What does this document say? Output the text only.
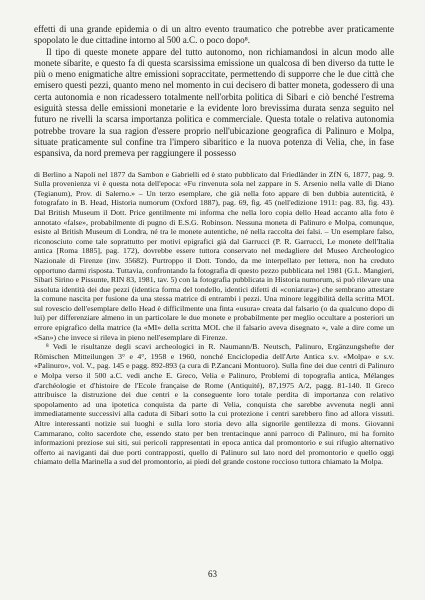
effetti di una grande epidemia o di un altro evento traumatico che potrebbe aver praticamente spopolato le due cittadine intorno al 500 a.C. o poco dopo⁸.

Il tipo di queste monete appare del tutto autonomo, non richiamandosi in alcun modo alle monete sibarite, e questo fa di questa scarsissima emissione un qualcosa di ben diverso da tutte le più o meno enigmatiche altre emissioni sopraccitate, permettendo di supporre che le due città che emisero questi pezzi, quanto meno nel momento in cui decisero di batter moneta, godessero di una certa autonomia e non ricadessero totalmente nell'orbita politica di Sibari e ciò benché l'estrema esiguità stessa delle emissioni monetarie e la evidente loro brevissima durata senza seguito nel futuro ne rivelli la scarsa importanza politica e commerciale. Questa totale o relativa autonomia potrebbe trovare la sua ragion d'essere proprio nell'ubicazione geografica di Palinuro e Molpa, situate praticamente sul confine tra l'impero sibaritico e la nuova potenza di Velia, che, in fase espansiva, da nord premeva per raggiungere il possesso

di Berlino a Napoli nel 1877 da Sambon e Gabrielli ed è stato pubblicato dal Friedländer in ZfN 6, 1877, pag. 9. Sulla provenienza vi è questa nota dell'epoca: «Fu rinvenuta sola nel zappare in S. Arsenio nella valle di Diano (Tegianum), Prov. di Salerno.» – Un terzo esemplare, che già nella foto appare di ben dubbia autenticità, è fotografato in B. Head, Historia numorum (Oxford 1887), pag. 69, fig. 45 (nell'edizione 1911: pag. 83, fig. 43). Dal British Museum il Dott. Price gentilmente mi informa che nella loro copia dello Head accanto alla foto è annotato «false», probabilmente di pugno di E.S.G. Robinson. Nessuna moneta di Palinuro e Molpa, comunque, esiste al British Museum di Londra, né tra le monete autentiche, né nella raccolta dei falsi. – Un esemplare falso, riconosciuto come tale soprattutto per motivi epigrafici già dal Garrucci (P. R. Garrucci, Le monete dell'Italia antica [Roma 1885], pag. 172), dovrebbe essere tuttora conservato nel medagliere del Museo Archeologico Nazionale di Firenze (inv. 35682). Purtroppo il Dott. Tondo, da me interpellato per lettera, non ha creduto opportuno darmi risposta. Tuttavia, confrontando la fotografia di questo pezzo pubblicata nel 1981 (G.L. Mangieri, Sibari Sirino e Pissunte, RIN 83, 1981, tav. 5) con la fotografia pubblicata in Historia numorum, si può rilevare una assoluta identità dei due pezzi (identica forma del tondello, identici difetti di «coniatura») che sembrano attestare la comune nascita per fusione da una stessa matrice di entrambi i pezzi. Una minore leggibilità della scritta MOL sul rovescio dell'esemplare dello Head è difficilmente una finta «usura» creata dal falsario (o da qualcuno dopo di lui) per differenziare almeno in un particolare le due monete e probabilmente per meglio occultare a posteriori un errore epigrafico della matrice (la «ΜΙ» della scritta MOL che il falsario aveva disegnato «, vale a dire come un «San») che invece si rileva in pieno nell'esemplare di Firenze.

⁸ Vedi le risultanze degli scavi archeologici in R. Naumann/B. Neutsch, Palinuro, Ergänzungshefte der Römischen Mitteilungen 3° e 4°, 1958 e 1960, nonché Enciclopedia dell'Arte Antica s.v. «Molpa» e s.v. «Palinuro», vol. V., pag. 145 e pagg. 892-893 (a cura di P.Zancani Montuoro). Sulla fine dei due centri di Palinuro e Molpa verso il 500 a.C. vedi anche E. Greco, Velia e Palinuro, Problemi di topografia antica, Mélanges d'archéologie et d'histoire de l'Ecole française de Rome (Antiquité), 87,1975 A/2, pagg. 81-140. Il Greco attribuisce la distruzione dei due centri e la conseguente loro totale perdita di importanza con relativo spopolamento ad una ipotetica conquista da parte di Velia, conquista che sarebbe avvenuta negli anni immediatamente successivi alla caduta di Sibari sotto la cui protezione i centri sarebbero fino ad allora vissuti. Altre interessanti notizie sui luoghi e sulla loro storia devo alla signorile gentilezza di mons. Giovanni Cammarano, colto sacerdote che, essendo stato per ben trentacinque anni parroco di Palinuro, mi ha fornito informazioni preziose sui siti, sui pericoli rappresentati in epoca antica dal promontorio e sui rifugio alternativo offerto ai naviganti dai due porti contrapposti, quello di Palinuro sul lato nord del promontorio e quello oggi chiamato della Marinella a sud del promontorio, ai piedi del grande costone roccioso tuttora chiamato la Molpa.

63
